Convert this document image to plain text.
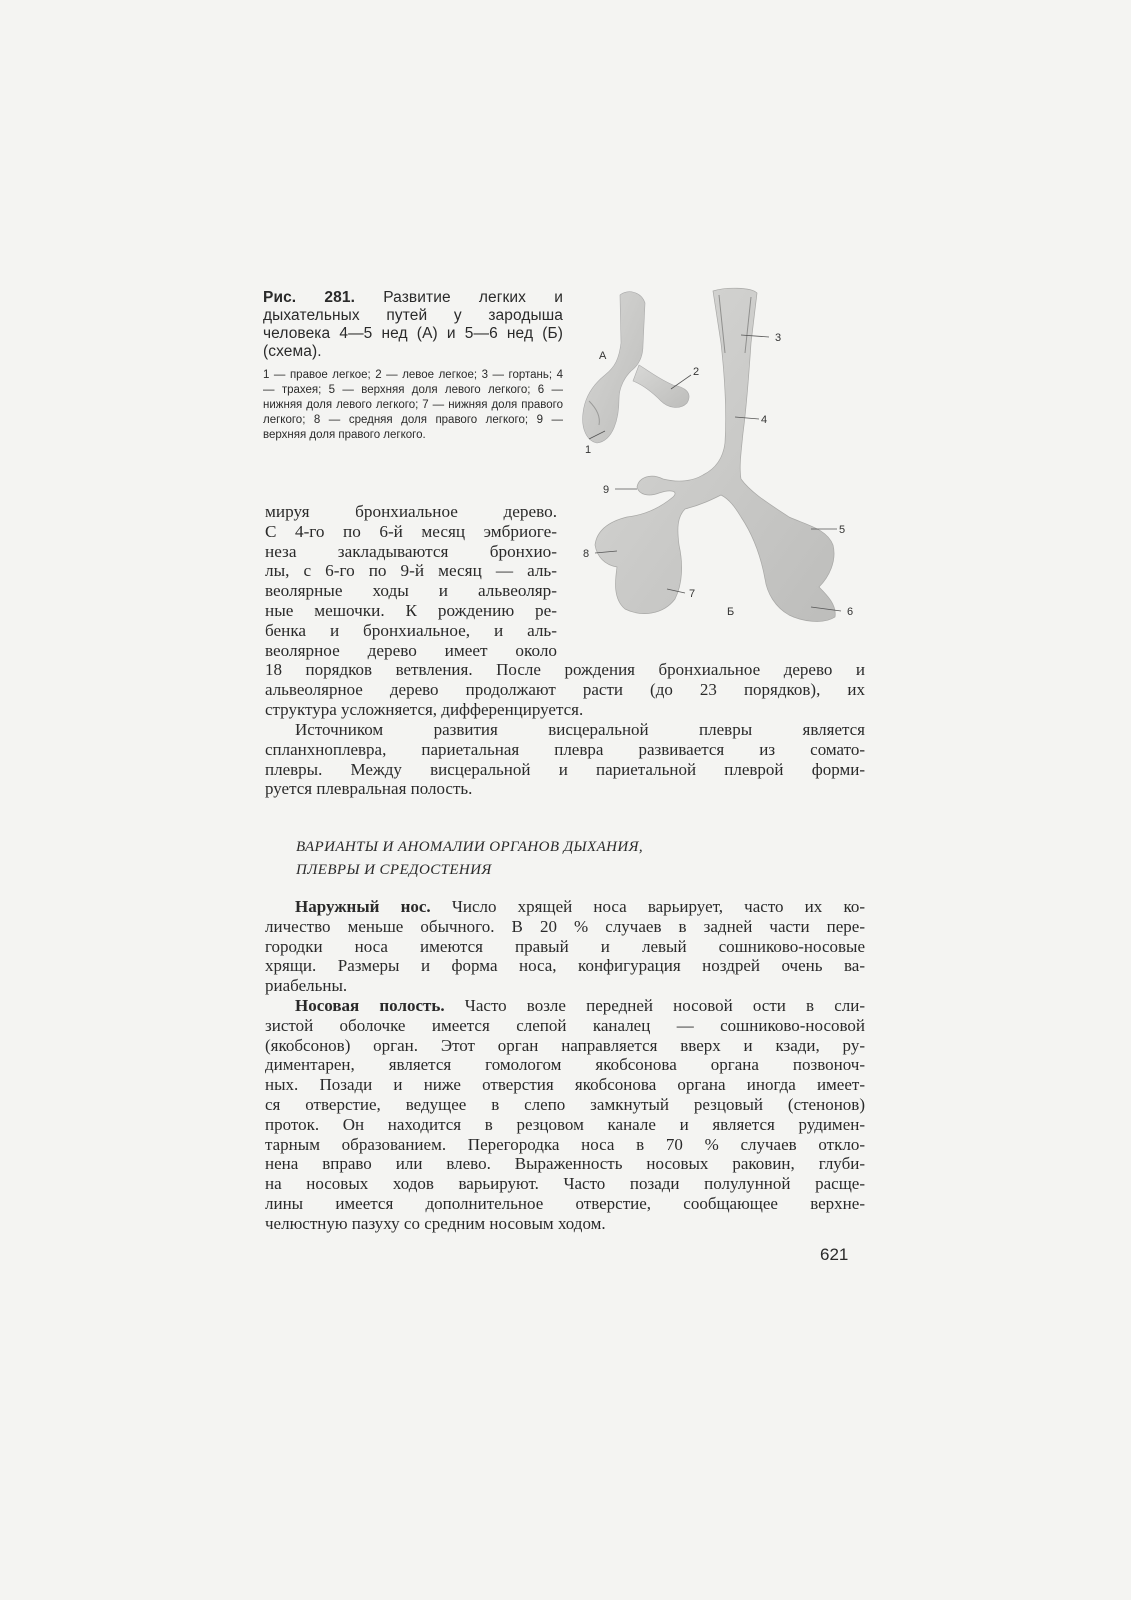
Рис. 281. Развитие легких и дыхательных путей у зародыша человека 4—5 нед (А) и 5—6 нед (Б) (схема).

1 — правое легкое; 2 — левое легкое; 3 — гортань; 4 — трахея; 5 — верхняя доля левого легкого; 6 — нижняя доля левого легкого; 7 — нижняя доля правого легкого; 8 — средняя доля правого легкого; 9 — верхняя доля правого легкого.

А
Б
1
2
3
4
5
6
7
8
9
мируя бронхиальное дерево.
С 4-го по 6-й месяц эмбриоге-
неза закладываются бронхио-
лы, с 6-го по 9-й месяц — аль-
веолярные ходы и альвеоляр-
ные мешочки. К рождению ре-
бенка и бронхиальное, и аль-
веолярное дерево имеет около
18 порядков ветвления. После рождения бронхиальное дерево и
альвеолярное дерево продолжают расти (до 23 порядков), их
структура усложняется, дифференцируется.
Источником развития висцеральной плевры является
спланхноплевра, париетальная плевра развивается из сомато-
плевры. Между висцеральной и париетальной плеврой форми-
руется плевральная полость.
ВАРИАНТЫ И АНОМАЛИИ ОРГАНОВ ДЫХАНИЯ,
ПЛЕВРЫ И СРЕДОСТЕНИЯ
Наружный нос. Число хрящей носа варьирует, часто их ко-
личество меньше обычного. В 20 % случаев в задней части пере-
городки носа имеются правый и левый сошниково-носовые
хрящи. Размеры и форма носа, конфигурация ноздрей очень ва-
риабельны.
Носовая полость. Часто возле передней носовой ости в сли-
зистой оболочке имеется слепой каналец — сошниково-носовой
(якобсонов) орган. Этот орган направляется вверх и кзади, ру-
диментарен, является гомологом якобсонова органа позвоноч-
ных. Позади и ниже отверстия якобсонова органа иногда имеет-
ся отверстие, ведущее в слепо замкнутый резцовый (стенонов)
проток. Он находится в резцовом канале и является рудимен-
тарным образованием. Перегородка носа в 70 % случаев откло-
нена вправо или влево. Выраженность носовых раковин, глуби-
на носовых ходов варьируют. Часто позади полулунной расще-
лины имеется дополнительное отверстие, сообщающее верхне-
челюстную пазуху со средним носовым ходом.
621
